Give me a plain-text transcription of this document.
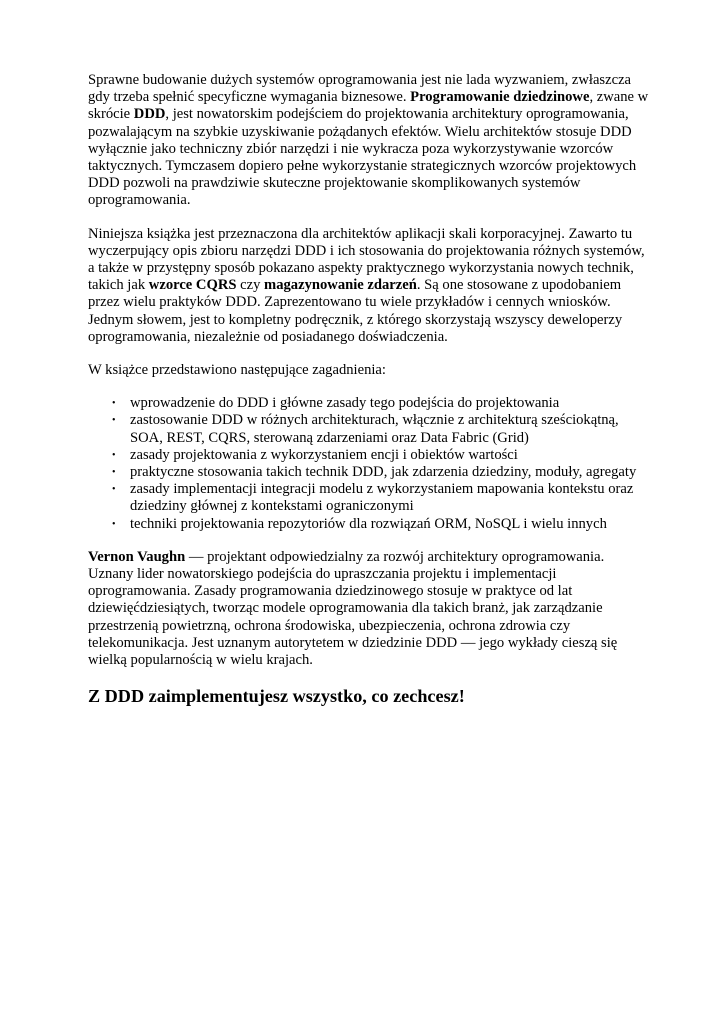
Sprawne budowanie dużych systemów oprogramowania jest nie lada wyzwaniem, zwłaszcza gdy trzeba spełnić specyficzne wymagania biznesowe. Programowanie dziedzinowe, zwane w skrócie DDD, jest nowatorskim podejściem do projektowania architektury oprogramowania, pozwalającym na szybkie uzyskiwanie pożądanych efektów. Wielu architektów stosuje DDD wyłącznie jako techniczny zbiór narzędzi i nie wykracza poza wykorzystywanie wzorców taktycznych. Tymczasem dopiero pełne wykorzystanie strategicznych wzorców projektowych DDD pozwoli na prawdziwie skuteczne projektowanie skomplikowanych systemów oprogramowania.

Niniejsza książka jest przeznaczona dla architektów aplikacji skali korporacyjnej. Zawarto tu wyczerpujący opis zbioru narzędzi DDD i ich stosowania do projektowania różnych systemów, a także w przystępny sposób pokazano aspekty praktycznego wykorzystania nowych technik, takich jak wzorce CQRS czy magazynowanie zdarzeń. Są one stosowane z upodobaniem przez wielu praktyków DDD. Zaprezentowano tu wiele przykładów i cennych wniosków. Jednym słowem, jest to kompletny podręcznik, z którego skorzystają wszyscy deweloperzy oprogramowania, niezależnie od posiadanego doświadczenia.

W książce przedstawiono następujące zagadnienia:

• wprowadzenie do DDD i główne zasady tego podejścia do projektowania
• zastosowanie DDD w różnych architekturach, włącznie z architekturą sześciokątną, SOA, REST, CQRS, sterowaną zdarzeniami oraz Data Fabric (Grid)
• zasady projektowania z wykorzystaniem encji i obiektów wartości
• praktyczne stosowania takich technik DDD, jak zdarzenia dziedziny, moduły, agregaty
• zasady implementacji integracji modelu z wykorzystaniem mapowania kontekstu oraz dziedziny głównej z kontekstami ograniczonymi
• techniki projektowania repozytoriów dla rozwiązań ORM, NoSQL i wielu innych

Vernon Vaughn — projektant odpowiedzialny za rozwój architektury oprogramowania. Uznany lider nowatorskiego podejścia do upraszczania projektu i implementacji oprogramowania. Zasady programowania dziedzinowego stosuje w praktyce od lat dziewięćdziesiątych, tworząc modele oprogramowania dla takich branż, jak zarządzanie przestrzenią powietrzną, ochrona środowiska, ubezpieczenia, ochrona zdrowia czy telekomunikacja. Jest uznanym autorytetem w dziedzinie DDD — jego wykłady cieszą się wielką popularnością w wielu krajach.

Z DDD zaimplementujesz wszystko, co zechcesz!
